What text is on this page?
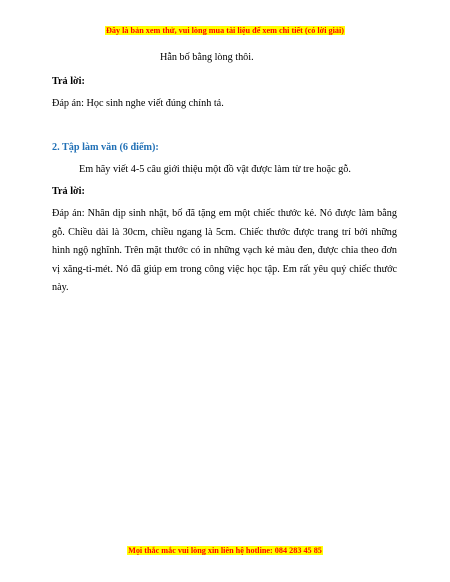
Đây là bản xem thử, vui lòng mua tài liệu để xem chi tiết (có lời giải)
Hẫn bố bằng lòng thôi.
Trả lời:
Đáp án: Học sinh nghe viết đúng chính tả.
2. Tập làm văn (6 điểm):
Em hãy viết 4-5 câu giới thiệu một đồ vật được làm từ tre hoặc gỗ.
Trả lời:
Đáp án: Nhân dịp sinh nhật, bố đã tặng em một chiếc thước kẻ. Nó được làm bằng gỗ. Chiều dài là 30cm, chiều ngang là 5cm. Chiếc thước được trang trí bởi những hình ngộ nghĩnh. Trên mặt thước có in những vạch kẻ màu đen, được chia theo đơn vị xăng-ti-mét. Nó đã giúp em trong công việc học tập. Em rất yêu quý chiếc thước này.
Mọi thắc mắc vui lòng xin liên hệ hotline: 084 283 45 85
